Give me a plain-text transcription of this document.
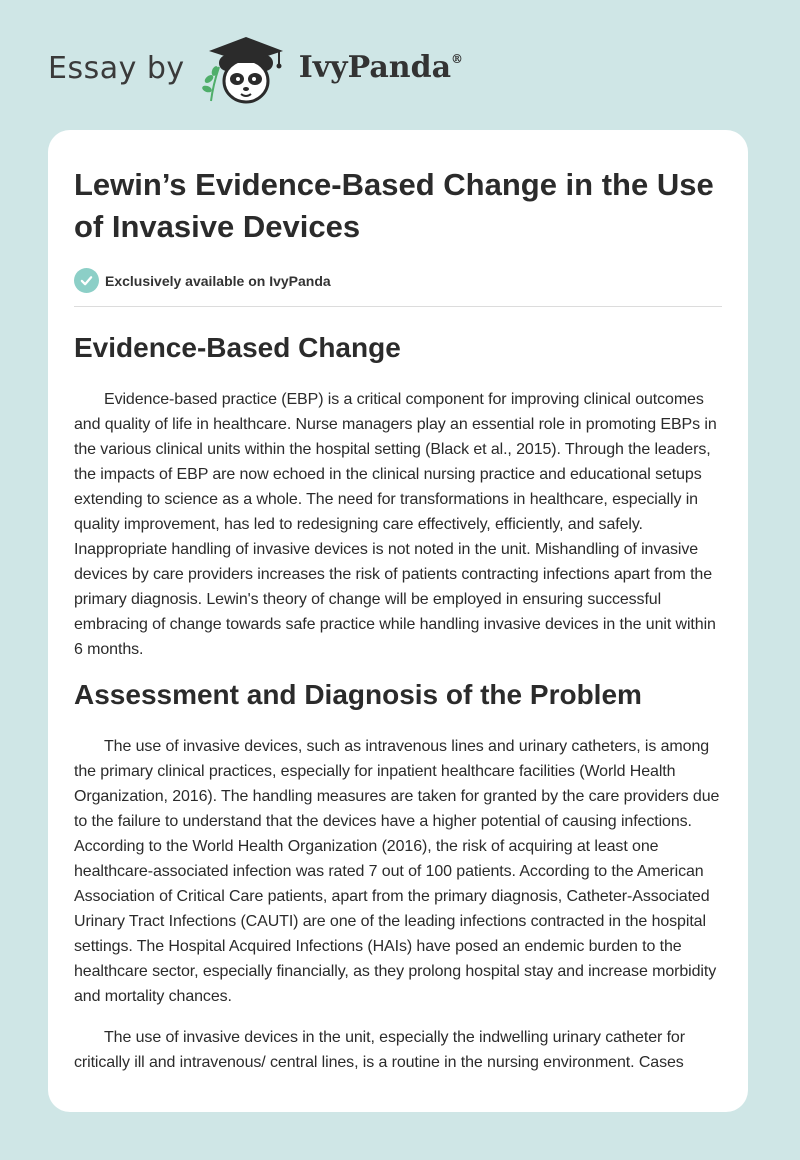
Essay by	IvyPanda®
Lewin’s Evidence-Based Change in the Use of Invasive Devices
Exclusively available on IvyPanda
Evidence-Based Change

Evidence-based practice (EBP) is a critical component for improving clinical outcomes and quality of life in healthcare. Nurse managers play an essential role in promoting EBPs in the various clinical units within the hospital setting (Black et al., 2015). Through the leaders, the impacts of EBP are now echoed in the clinical nursing practice and educational setups extending to science as a whole. The need for transformations in healthcare, especially in quality improvement, has led to redesigning care effectively, efficiently, and safely. Inappropriate handling of invasive devices is not noted in the unit. Mishandling of invasive devices by care providers increases the risk of patients contracting infections apart from the primary diagnosis. Lewin's theory of change will be employed in ensuring successful embracing of change towards safe practice while handling invasive devices in the unit within 6 months.

Assessment and Diagnosis of the Problem

The use of invasive devices, such as intravenous lines and urinary catheters, is among the primary clinical practices, especially for inpatient healthcare facilities (World Health Organization, 2016). The handling measures are taken for granted by the care providers due to the failure to understand that the devices have a higher potential of causing infections. According to the World Health Organization (2016), the risk of acquiring at least one healthcare-associated infection was rated 7 out of 100 patients. According to the American Association of Critical Care patients, apart from the primary diagnosis, Catheter-Associated Urinary Tract Infections (CAUTI) are one of the leading infections contracted in the hospital settings. The Hospital Acquired Infections (HAIs) have posed an endemic burden to the healthcare sector, especially financially, as they prolong hospital stay and increase morbidity and mortality chances.

The use of invasive devices in the unit, especially the indwelling urinary catheter for critically ill and intravenous/ central lines, is a routine in the nursing environment. Cases
